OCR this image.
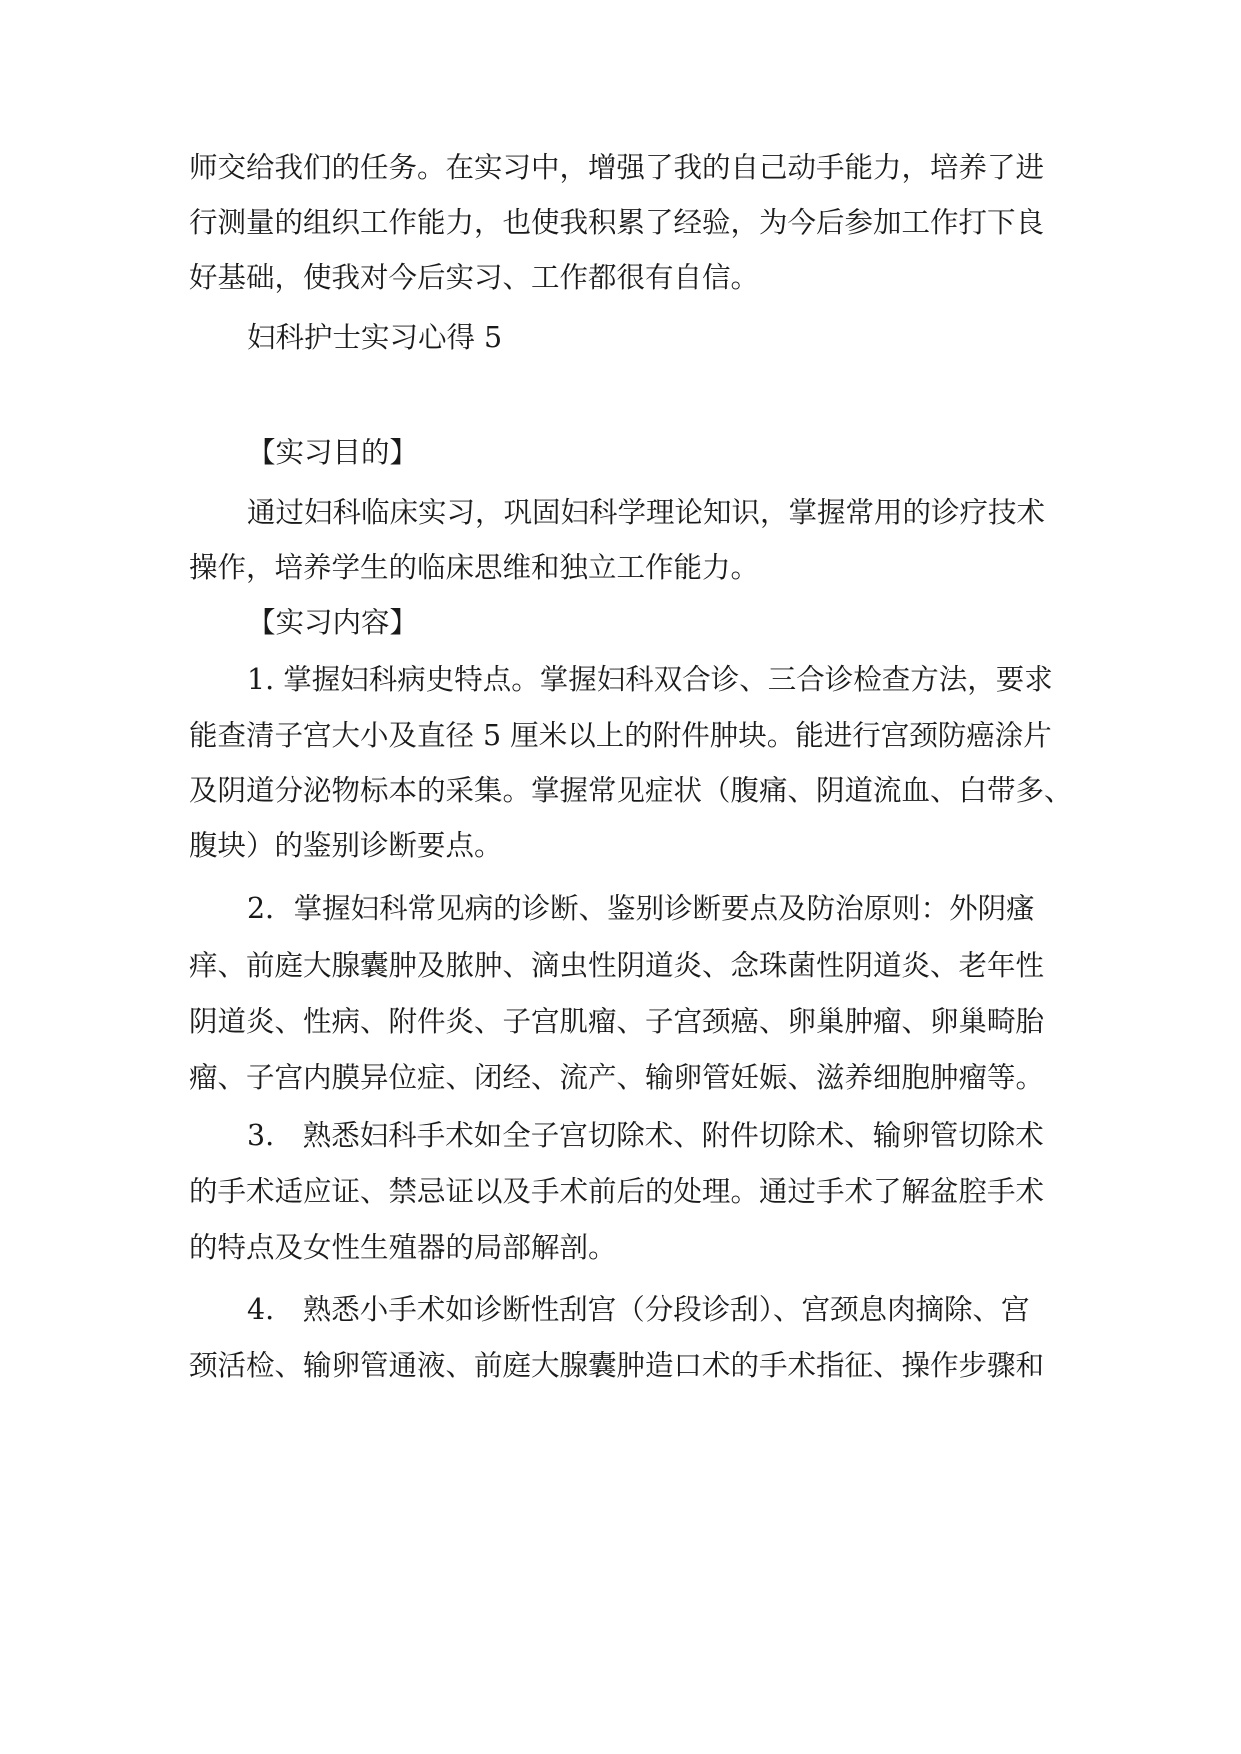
师交给我们的任务。在实习中，增强了我的自己动手能力，培养了进

行测量的组织工作能力，也使我积累了经验，为今后参加工作打下良

好基础，使我对今后实习、工作都很有自信。

妇科护士实习心得 5

【实习目的】

通过妇科临床实习，巩固妇科学理论知识，掌握常用的诊疗技术

操作，培养学生的临床思维和独立工作能力。

【实习内容】

1. 掌握妇科病史特点。掌握妇科双合诊、三合诊检查方法，要求

能查清子宫大小及直径 5 厘米以上的附件肿块。能进行宫颈防癌涂片

及阴道分泌物标本的采集。掌握常见症状（腹痛、阴道流血、白带多、

腹块）的鉴别诊断要点。

2．掌握妇科常见病的诊断、鉴别诊断要点及防治原则：外阴瘙

痒、前庭大腺囊肿及脓肿、滴虫性阴道炎、念珠菌性阴道炎、老年性

阴道炎、性病、附件炎、子宫肌瘤、子宫颈癌、卵巢肿瘤、卵巢畸胎

瘤、子宫内膜异位症、闭经、流产、输卵管妊娠、滋养细胞肿瘤等。

3.　熟悉妇科手术如全子宫切除术、附件切除术、输卵管切除术

的手术适应证、禁忌证以及手术前后的处理。通过手术了解盆腔手术

的特点及女性生殖器的局部解剖。

4.　熟悉小手术如诊断性刮宫（分段诊刮）、宫颈息肉摘除、宫

颈活检、输卵管通液、前庭大腺囊肿造口术的手术指征、操作步骤和
